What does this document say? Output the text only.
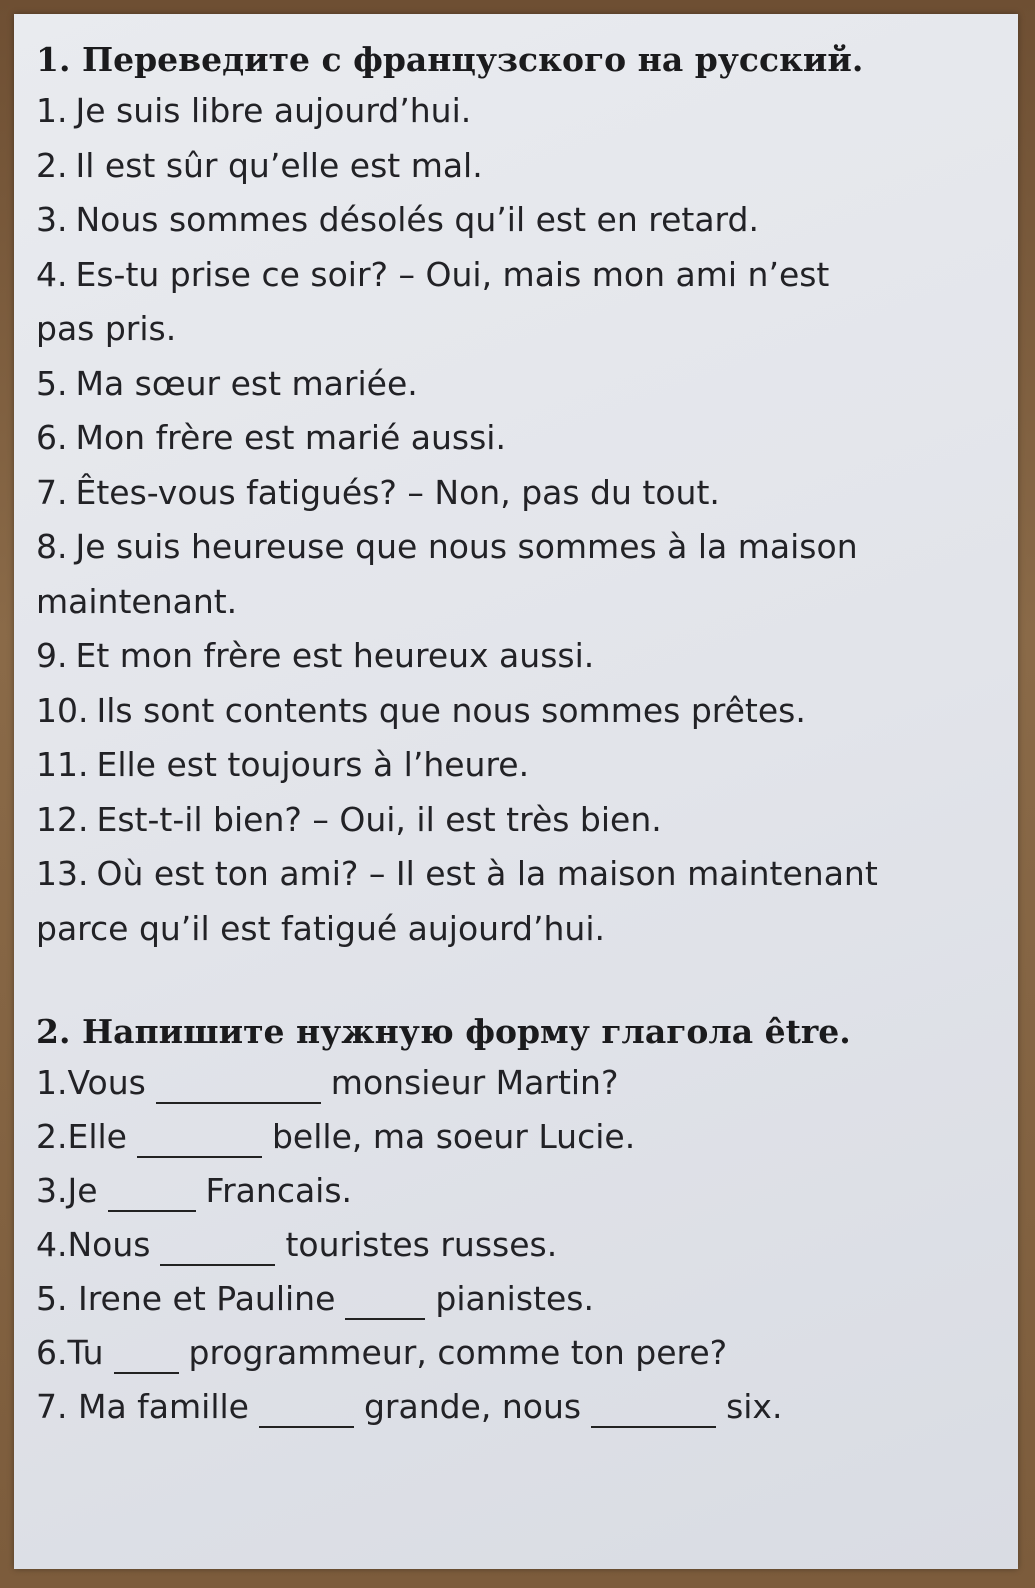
1. Переведите с французского на русский.

1. Je suis libre aujourd’hui.

2. Il est sûr qu’elle est mal.

3. Nous sommes désolés qu’il est en retard.

4. Es-tu prise ce soir? – Oui, mais mon ami n’est

pas pris.

5. Ma sœur est mariée.

6. Mon frère est marié aussi.

7. Êtes-vous fatigués? – Non, pas du tout.

8. Je suis heureuse que nous sommes à la maison

maintenant.

9. Et mon frère est heureux aussi.

10. Ils sont contents que nous sommes prêtes.

11. Elle est toujours à l’heure.

12. Est-t-il bien? – Oui, il est très bien.

13. Où est ton ami? – Il est à la maison maintenant

parce qu’il est fatigué aujourd’hui.

2. Напишите нужную форму глагола être.

1.Vous	monsieur Martin?

2.Elle	belle, ma soeur Lucie.

3.Je	Francais.

4.Nous	touristes russes.

5. Irene et Pauline	pianistes.

6.Tu	programmeur, comme ton pere?

7. Ma famille	grande, nous	six.
